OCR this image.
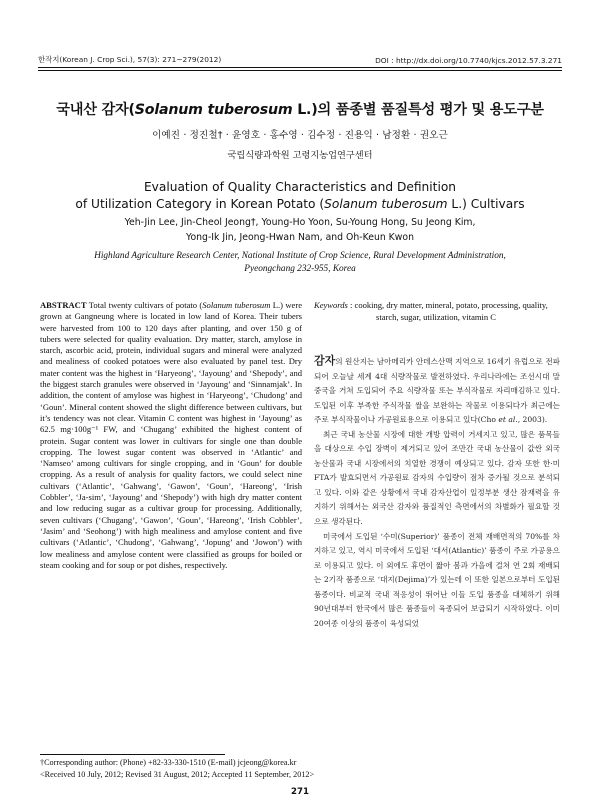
한작지(Korean J. Crop Sci.), 57(3): 271~279(2012)	DOI : http://dx.doi.org/10.7740/kjcs.2012.57.3.271
국내산 감자(Solanum tuberosum L.)의 품종별 품질특성 평가 및 용도구분
이예진 · 정진철† · 윤영호 · 홍수영 · 김수정 · 진용익 · 남정환 · 권오근
국립식량과학원 고령지농업연구센터
Evaluation of Quality Characteristics and Definition
of Utilization Category in Korean Potato (Solanum tuberosum L.) Cultivars
Yeh-Jin Lee, Jin-Cheol Jeong†, Young-Ho Yoon, Su-Young Hong, Su Jeong Kim,
Yong-Ik Jin, Jeong-Hwan Nam, and Oh-Keun Kwon
Highland Agriculture Research Center, National Institute of Crop Science, Rural Development Administration,
Pyeongchang 232-955, Korea
ABSTRACT Total twenty cultivars of potato (Solanum tuberosum L.) were grown at Gangneung where is located in low land of Korea. Their tubers were harvested from 100 to 120 days after planting, and over 150 g of tubers were selected for quality evaluation. Dry matter, starch, amylose in starch, ascorbic acid, protein, individual sugars and mineral were analyzed and mealiness of cooked potatoes were also evaluated by panel test. Dry mater content was the highest in ‘Haryeong’, ‘Jayoung’ and ‘Shepody’, and the biggest starch granules were observed in ‘Jayoung’ and ‘Sinnamjak’. In addition, the content of amylose was highest in ‘Haryeong’, ‘Chudong’ and ‘Goun’. Mineral content showed the slight difference between cultivars, but it’s tendency was not clear. Vitamin C content was highest in ‘Jayoung’ as 62.5 mg·100g⁻¹ FW, and ‘Chugang’ exhibited the highest content of protein. Sugar content was lower in cultivars for single one than double cropping. The lowest sugar content was observed in ‘Atlantic’ and ‘Namseo’ among cultivars for single cropping, and in ‘Goun’ for double cropping. As a result of analysis for quality factors, we could select nine cultivars (‘Atlantic’, ‘Gahwang’, ‘Gawon’, ‘Goun’, ‘Hareong’, ‘Irish Cobbler’, ‘Ja-sim’, ‘Jayoung’ and ‘Shepody’) with high dry matter content and low reducing sugar as a cultivar group for processing. Additionally, seven cultivars (‘Chugang’, ‘Gawon’, ‘Goun’, ‘Hareong’, ‘Irish Cobbler’, ‘Jasim’ and ‘Seohong’) with high mealiness and amylose content and five cultivars (‘Atlantic’, ‘Chudong’, ‘Gahwang’, ‘Jopung’ and ‘Jowon’) with low mealiness and amylose content were classified as groups for boiled or steam cooking and for soup or pot dishes, respectively.
Keywords : cooking, dry matter, mineral, potato, processing, quality, starch, sugar, utilization, vitamin C

감자의 원산지는 남아메리카 안데스산맥 지역으로 16세기 유럽으로 전파되어 오늘날 세계 4대 식량작물로 발전하였다. 우리나라에는 조선시대 말 중국을 거쳐 도입되어 주요 식량작물 또는 부식작물로 자리매김하고 있다. 도입된 이후 부족한 주식작물 쌀을 보완하는 작물로 이용되다가 최근에는 주로 부식작물이나 가공원료용으로 이용되고 있다(Cho et al., 2003).

최근 국내 농산물 시장에 대한 개방 압력이 거세지고 있고, 많은 품목들을 대상으로 수입 장벽이 제거되고 있어 조만간 국내 농산물이 값싼 외국 농산물과 국내 시장에서의 치열한 경쟁이 예상되고 있다. 감자 또한 한·미 FTA가 발효되면서 가공원료 감자의 수입량이 점차 증가될 것으로 분석되고 있다. 이와 같은 상황에서 국내 감자산업이 일정부분 생산 잠재력을 유지하기 위해서는 외국산 감자와 품질적인 측면에서의 차별화가 필요할 것으로 생각된다.

미국에서 도입된 ‘수미(Superior)’ 품종이 전체 재배면적의 70%를 차지하고 있고, 역시 미국에서 도입된 ‘대서(Atlantic)’ 품종이 주로 가공용으로 이용되고 있다. 이 외에도 휴면이 짧아 봄과 가을에 걸쳐 연 2회 재배되는 2기작 품종으로 ‘대지(Dejima)’가 있는데 이 또한 일본으로부터 도입된 품종이다. 비교적 국내 적응성이 뛰어난 이들 도입 품종을 대체하기 위해 90년대부터 한국에서 많은 품종들이 육종되어 보급되기 시작하였다. 이미 20여종 이상의 품종이 육성되었

†Corresponding author: (Phone) +82-33-330-1510 (E-mail) jcjeong@korea.kr
<Received 10 July, 2012; Revised 31 August, 2012; Accepted 11 September, 2012>
271
